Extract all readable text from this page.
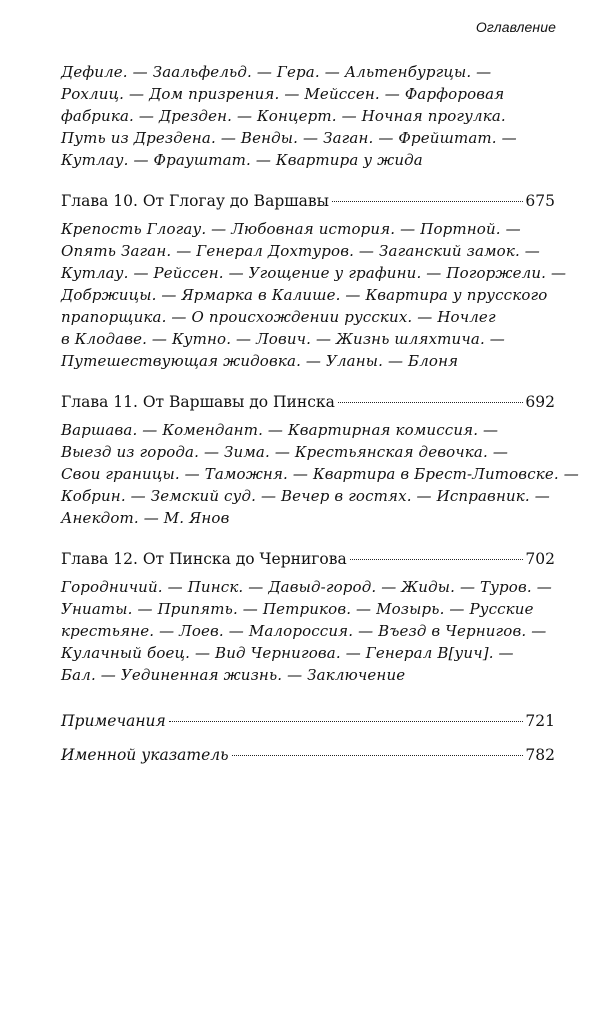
Оглавление

Дефиле. — Заальфельд. — Гера. — Альтенбургцы. —
Рохлиц. — Дом призрения. — Мейссен. — Фарфоровая
фабрика. — Дрезден. — Концерт. — Ночная прогулка.
Путь из Дрездена. — Венды. — Заган. — Фрейштат. —
Кутлау. — Фрауштат. — Квартира у жида

Глава 10. От Глогау до Варшавы	675

Крепость Глогау. — Любовная история. — Портной. —
Опять Заган. — Генерал Дохтуров. — Заганский замок. —
Кутлау. — Рейссен. — Угощение у графини. — Погоржели. —
Добржицы. — Ярмарка в Калише. — Квартира у прусского
прапорщика. — О происхождении русских. — Ночлег
в Клодаве. — Кутно. — Лович. — Жизнь шляхтича. —
Путешествующая жидовка. — Уланы. — Блоня

Глава 11. От Варшавы до Пинска	692

Варшава. — Комендант. — Квартирная комиссия. —
Выезд из города. — Зима. — Крестьянская девочка. —
Свои границы. — Таможня. — Квартира в Брест-Литовске. —
Кобрин. — Земский суд. — Вечер в гостях. — Исправник. —
Анекдот. — М. Янов

Глава 12. От Пинска до Чернигова	702

Городничий. — Пинск. — Давыд-город. — Жиды. — Туров. —
Униаты. — Припять. — Петриков. — Мозырь. — Русские
крестьяне. — Лоев. — Малороссия. — Въезд в Чернигов. —
Кулачный боец. — Вид Чернигова. — Генерал В[уич]. —
Бал. — Уединенная жизнь. — Заключение

Примечания	721
Именной указатель	782
